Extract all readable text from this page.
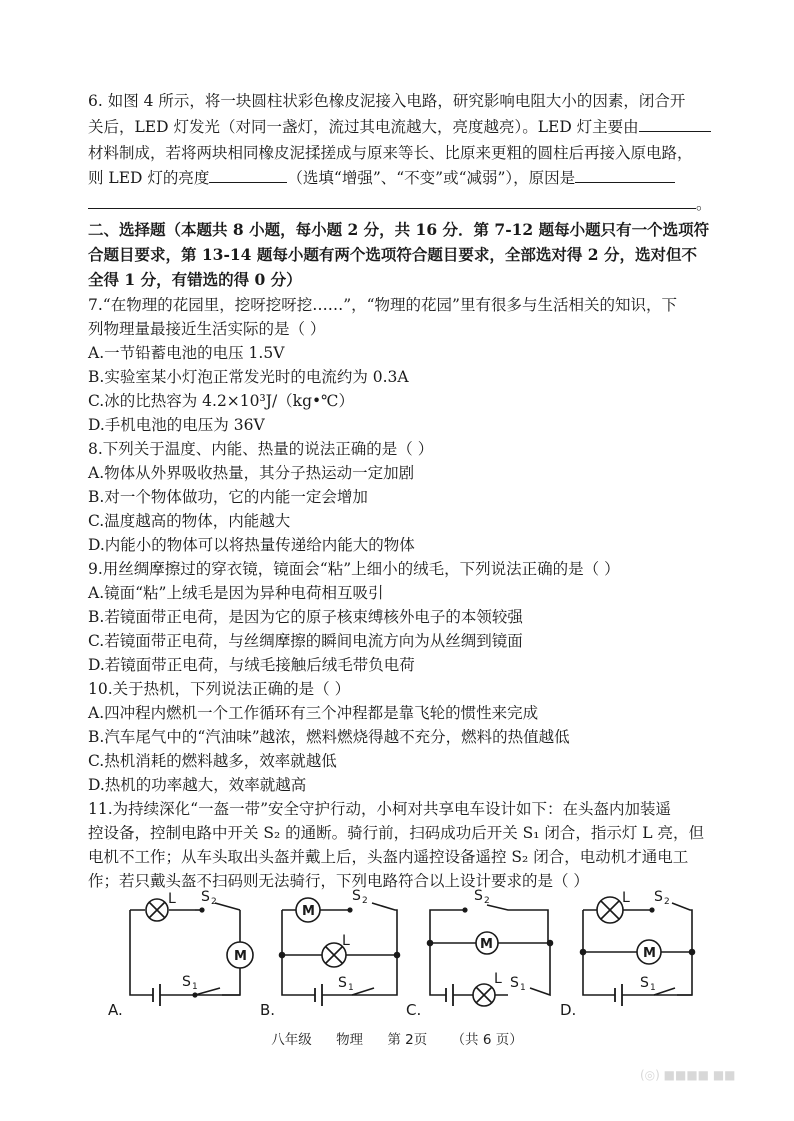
6. 如图 4 所示，将一块圆柱状彩色橡皮泥接入电路，研究影响电阻大小的因素，闭合开
关后，LED 灯发光（对同一盏灯，流过其电流越大，亮度越亮）。LED 灯主要由
材料制成，若将两块相同橡皮泥揉搓成与原来等长、比原来更粗的圆柱后再接入原电路，
则 LED 灯的亮度	（选填“增强”、“不变”或“减弱”），原因是
。
二、选择题（本题共 8 小题，每小题 2 分，共 16 分．第 7-12 题每小题只有一个选项符
合题目要求，第 13-14 题每小题有两个选项符合题目要求，全部选对得 2 分，选对但不
全得 1 分，有错选的得 0 分）
7.“在物理的花园里，挖呀挖呀挖……”，“物理的花园”里有很多与生活相关的知识，下
列物理量最接近生活实际的是（ ）
A.一节铅蓄电池的电压 1.5V
B.实验室某小灯泡正常发光时的电流约为 0.3A
C.冰的比热容为 4.2×10³J/（kg•℃）
D.手机电池的电压为 36V
8.下列关于温度、内能、热量的说法正确的是（ ）
A.物体从外界吸收热量，其分子热运动一定加剧
B.对一个物体做功，它的内能一定会增加
C.温度越高的物体，内能越大
D.内能小的物体可以将热量传递给内能大的物体
9.用丝绸摩擦过的穿衣镜，镜面会“粘”上细小的绒毛，下列说法正确的是（ ）
A.镜面“粘”上绒毛是因为异种电荷相互吸引
B.若镜面带正电荷，是因为它的原子核束缚核外电子的本领较强
C.若镜面带正电荷，与丝绸摩擦的瞬间电流方向为从丝绸到镜面
D.若镜面带正电荷，与绒毛接触后绒毛带负电荷
10.关于热机，下列说法正确的是（ ）
A.四冲程内燃机一个工作循环有三个冲程都是靠飞轮的惯性来完成
B.汽车尾气中的“汽油味”越浓，燃料燃烧得越不充分，燃料的热值越低
C.热机消耗的燃料越多，效率就越低
D.热机的功率越大，效率就越高
11.为持续深化“一盔一带”安全守护行动，小柯对共享电车设计如下：在头盔内加装遥
控设备，控制电路中开关 S₂ 的通断。骑行前，扫码成功后开关 S₁ 闭合，指示灯 L 亮，但
电机不工作；从车头取出头盔并戴上后，头盔内遥控设备遥控 S₂ 闭合，电动机才通电工
作；若只戴头盔不扫码则无法骑行，下列电路符合以上设计要求的是（ ）
L S 2
M
S 1
A.
M
S 2
L
S 1
B.
M
S 2
L S 1
C.
L S 2
M
S 1
D.
八年级 物理 第 2页 （共 6 页）
(◎) ■■■■ ■■
